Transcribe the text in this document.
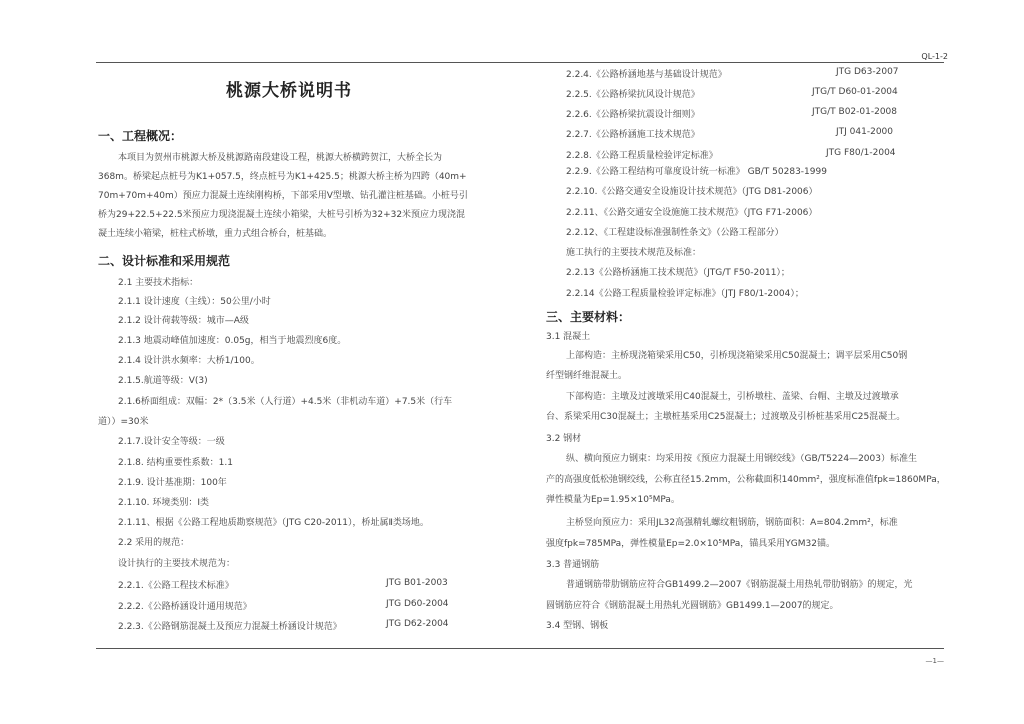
QL-1-2
桃源大桥说明书
一、工程概况：
本项目为贺州市桃源大桥及桃源路南段建设工程，桃源大桥横跨贺江，大桥全长为
368m。桥梁起点桩号为K1+057.5，终点桩号为K1+425.5；桃源大桥主桥为四跨（40m+
70m+70m+40m）预应力混凝土连续刚构桥，下部采用V型墩、钻孔灌注桩基础。小桩号引
桥为29+22.5+22.5米预应力现浇混凝土连续小箱梁，大桩号引桥为32+32米预应力现浇混
凝土连续小箱梁，桩柱式桥墩，重力式组合桥台，桩基础。
二、设计标准和采用规范
2.1 主要技术指标：
2.1.1 设计速度（主线）：50公里/小时
2.1.2 设计荷载等级：城市—A级
2.1.3 地震动峰值加速度：0.05g，相当于地震烈度6度。
2.1.4 设计洪水频率：大桥1/100。
2.1.5.航道等级：V(3)
2.1.6桥面组成：双幅：2*（3.5米（人行道）+4.5米（非机动车道）+7.5米（行车
道））=30米
2.1.7.设计安全等级：一级
2.1.8. 结构重要性系数：1.1
2.1.9. 设计基准期：100年
2.1.10. 环境类别：Ⅰ类
2.1.11、根据《公路工程地质勘察规范》（JTG C20-2011），桥址属Ⅱ类场地。
2.2 采用的规范：
设计执行的主要技术规范为：
2.2.1.《公路工程技术标准》	JTG B01-2003
2.2.2.《公路桥涵设计通用规范》	JTG D60-2004
2.2.3.《公路钢筋混凝土及预应力混凝土桥涵设计规范》	JTG D62-2004
2.2.4.《公路桥涵地基与基础设计规范》	JTG D63-2007
2.2.5.《公路桥梁抗风设计规范》	JTG/T D60-01-2004
2.2.6.《公路桥梁抗震设计细则》	JTG/T B02-01-2008
2.2.7.《公路桥涵施工技术规范》	JTJ 041-2000
2.2.8.《公路工程质量检验评定标准》	JTG F80/1-2004
2.2.9.《公路工程结构可靠度设计统一标准》 GB/T 50283-1999
2.2.10.《公路交通安全设施设计技术规范》（JTG D81-2006）
2.2.11、《公路交通安全设施施工技术规范》（JTG F71-2006）
2.2.12、《工程建设标准强制性条文》（公路工程部分）
施工执行的主要技术规范及标准：
2.2.13《公路桥涵施工技术规范》（JTG/T F50-2011）；
2.2.14《公路工程质量检验评定标准》（JTJ F80/1-2004）；
三、主要材料：
3.1 混凝土
上部构造：主桥现浇箱梁采用C50，引桥现浇箱梁采用C50混凝土；调平层采用C50钢
纤型钢纤维混凝土。
下部构造：主墩及过渡墩采用C40混凝土，引桥墩柱、盖梁、台帽、主墩及过渡墩承
台、系梁采用C30混凝土；主墩桩基采用C25混凝土；过渡墩及引桥桩基采用C25混凝土。
3.2 钢材
纵、横向预应力钢束：均采用按《预应力混凝土用钢绞线》（GB/T5224—2003）标准生
产的高强度低松弛钢绞线，公称直径15.2mm，公称截面积140mm²，强度标准值fpk=1860MPa，
弹性模量为Ep=1.95×10⁵MPa。
主桥竖向预应力：采用JL32高强精轧螺纹粗钢筋，钢筋面积：A=804.2mm²，标准
强度fpk=785MPa，弹性模量Ep=2.0×10⁵MPa，锚具采用YGM32锚。
3.3 普通钢筋
普通钢筋带肋钢筋应符合GB1499.2—2007《钢筋混凝土用热轧带肋钢筋》的规定，光
圆钢筋应符合《钢筋混凝土用热轧光圆钢筋》GB1499.1—2007的规定。
3.4 型钢、钢板
—1—
